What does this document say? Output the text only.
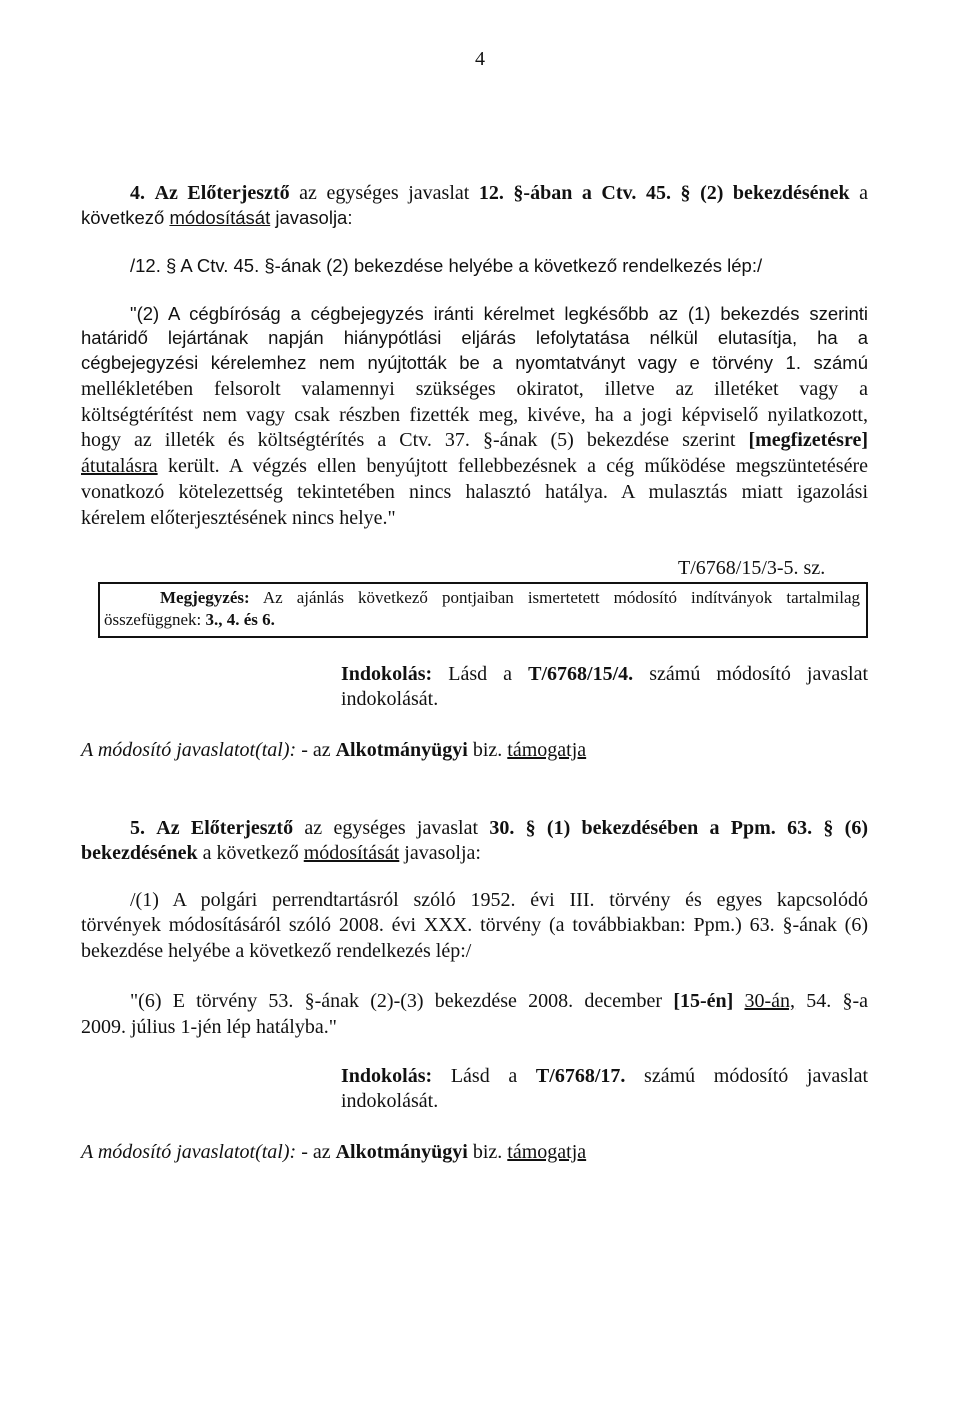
4
4. Az Előterjesztő az egységes javaslat 12. §-ában a Ctv. 45. § (2) bekezdésének a
következő módosítását javasolja:
/12. § A Ctv. 45. §-ának (2) bekezdése helyébe a következő rendelkezés lép:/
"(2) A cégbíróság a cégbejegyzés iránti kérelmet legkésőbb az (1) bekezdés szerinti
határidő lejártának napján hiánypótlási eljárás lefolytatása nélkül elutasítja, ha a
cégbejegyzési kérelemhez nem nyújtották be a nyomtatványt vagy e törvény 1. számú
mellékletében felsorolt valamennyi szükséges okiratot, illetve az illetéket vagy a
költségtérítést nem vagy csak részben fizették meg, kivéve, ha a jogi képviselő nyilatkozott,
hogy az illeték és költségtérítés a Ctv. 37. §-ának (5) bekezdése szerint [megfizetésre]
átutalásra került. A végzés ellen benyújtott fellebbezésnek a cég működése megszüntetésére
vonatkozó kötelezettség tekintetében nincs halasztó hatálya. A mulasztás miatt igazolási
kérelem előterjesztésének nincs helye."
T/6768/15/3-5. sz.
Megjegyzés: Az ajánlás következő pontjaiban ismertetett módosító indítványok tartalmilag
összefüggnek: 3., 4. és 6.
Indokolás: Lásd a T/6768/15/4. számú módosító javaslat
indokolását.
A módosító javaslatot(tal): - az Alkotmányügyi biz. támogatja
5. Az Előterjesztő az egységes javaslat 30. § (1) bekezdésében a Ppm. 63. § (6)
bekezdésének a következő módosítását javasolja:
/(1) A polgári perrendtartásról szóló 1952. évi III. törvény és egyes kapcsolódó
törvények módosításáról szóló 2008. évi XXX. törvény (a továbbiakban: Ppm.) 63. §-ának (6)
bekezdése helyébe a következő rendelkezés lép:/
"(6) E törvény 53. §-ának (2)-(3) bekezdése 2008. december [15-én] 30-án, 54. §-a
2009. július 1-jén lép hatályba."
Indokolás: Lásd a T/6768/17. számú módosító javaslat
indokolását.
A módosító javaslatot(tal): - az Alkotmányügyi biz. támogatja
